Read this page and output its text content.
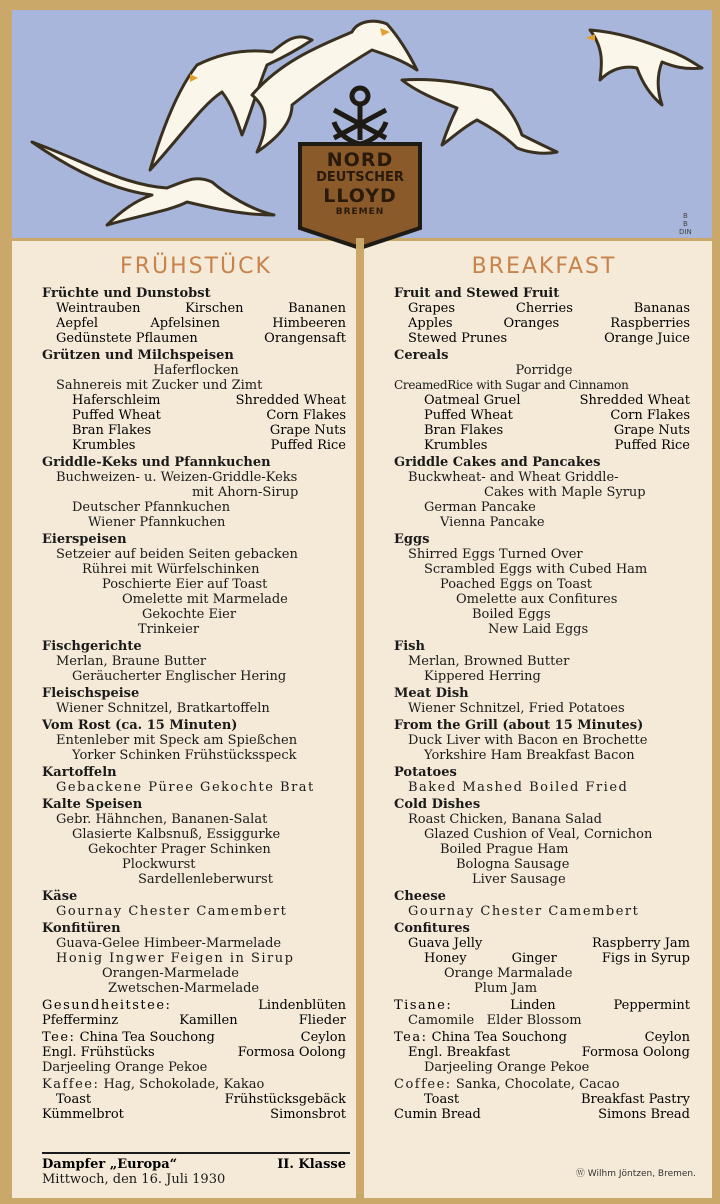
NORD
DEUTSCHER
LLOYD
BREMEN	B
B
DIN
FRÜHSTÜCK
Früchte und Dunstobst
Weintrauben	Kirschen	Bananen
Aepfel	Apfelsinen	Himbeeren
Gedünstete Pflaumen	Orangensaft
Grützen und Milchspeisen
Haferflocken
Sahnereis mit Zucker und Zimt
Haferschleim	Shredded Wheat
Puffed Wheat	Corn Flakes
Bran Flakes	Grape Nuts
Krumbles	Puffed Rice
Griddle-Keks und Pfannkuchen
Buchweizen- u. Weizen-Griddle-Keks
mit Ahorn-Sirup
Deutscher Pfannkuchen
Wiener Pfannkuchen
Eierspeisen
Setzeier auf beiden Seiten gebacken
Rührei mit Würfelschinken
Poschierte Eier auf Toast
Omelette mit Marmelade
Gekochte Eier
Trinkeier
Fischgerichte
Merlan, Braune Butter
Geräucherter Englischer Hering
Fleischspeise
Wiener Schnitzel, Bratkartoffeln
Vom Rost (ca. 15 Minuten)
Entenleber mit Speck am Spießchen
Yorker Schinken Frühstücksspeck
Kartoffeln
Gebackene Püree Gekochte Brat
Kalte Speisen
Gebr. Hähnchen, Bananen-Salat
Glasierte Kalbsnuß, Essiggurke
Gekochter Prager Schinken
Plockwurst
Sardellenleberwurst
Käse
Gournay Chester Camembert
Konfitüren
Guava-Gelee Himbeer-Marmelade
Honig Ingwer Feigen in Sirup
Orangen-Marmelade
Zwetschen-Marmelade
Gesundheitstee:	Lindenblüten
Pfefferminz	Kamillen	Flieder
Tee: China Tea Souchong	Ceylon
Engl. Frühstücks	Formosa Oolong
Darjeeling Orange Pekoe
Kaffee: Hag, Schokolade, Kakao
Toast	Frühstücksgebäck
Kümmelbrot	Simonsbrot
Dampfer „Europa“	II. Klasse
Mittwoch, den 16. Juli 1930
BREAKFAST
Fruit and Stewed Fruit
Grapes	Cherries	Bananas
Apples	Oranges	Raspberries
Stewed Prunes	Orange Juice
Cereals
Porridge
CreamedRice with Sugar and Cinnamon
Oatmeal Gruel	Shredded Wheat
Puffed Wheat	Corn Flakes
Bran Flakes	Grape Nuts
Krumbles	Puffed Rice
Griddle Cakes and Pancakes
Buckwheat- and Wheat Griddle-
Cakes with Maple Syrup
German Pancake
Vienna Pancake
Eggs
Shirred Eggs Turned Over
Scrambled Eggs with Cubed Ham
Poached Eggs on Toast
Omelette aux Confitures
Boiled Eggs
New Laid Eggs
Fish
Merlan, Browned Butter
Kippered Herring
Meat Dish
Wiener Schnitzel, Fried Potatoes
From the Grill (about 15 Minutes)
Duck Liver with Bacon en Brochette
Yorkshire Ham Breakfast Bacon
Potatoes
Baked Mashed Boiled Fried
Cold Dishes
Roast Chicken, Banana Salad
Glazed Cushion of Veal, Cornichon
Boiled Prague Ham
Bologna Sausage
Liver Sausage
Cheese
Gournay Chester Camembert
Confitures
Guava Jelly	Raspberry Jam
Honey	Ginger	Figs in Syrup
Orange Marmalade
Plum Jam
Tisane:	Linden	Peppermint
Camomile Elder Blossom
Tea: China Tea Souchong	Ceylon
Engl. Breakfast	Formosa Oolong
Darjeeling Orange Pekoe
Coffee: Sanka, Chocolate, Cacao
Toast	Breakfast Pastry
Cumin Bread	Simons Bread
Ⓦ Wilhm Jöntzen, Bremen.
